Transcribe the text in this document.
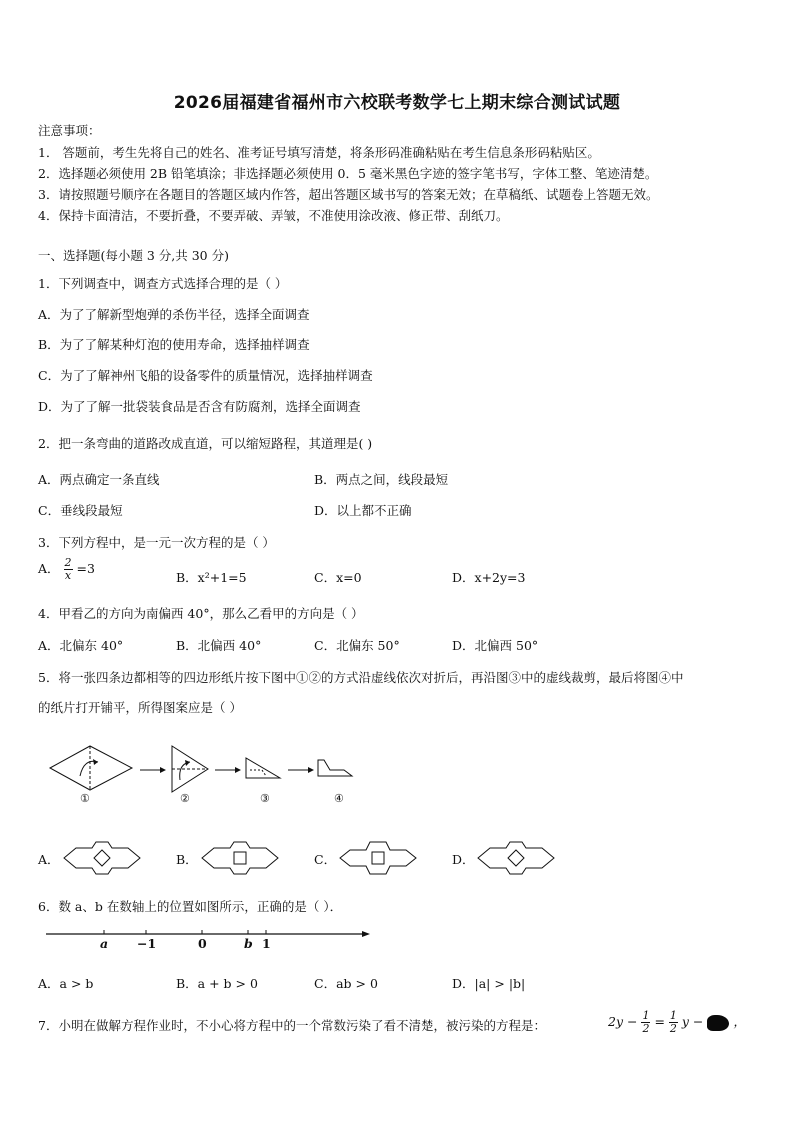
2026届福建省福州市六校联考数学七上期末综合测试试题
注意事项：
1． 答题前，考生先将自己的姓名、准考证号填写清楚，将条形码准确粘贴在考生信息条形码粘贴区。
2．选择题必须使用 2B 铅笔填涂；非选择题必须使用 0．5 毫米黑色字迹的签字笔书写，字体工整、笔迹清楚。
3．请按照题号顺序在各题目的答题区域内作答，超出答题区域书写的答案无效；在草稿纸、试题卷上答题无效。
4．保持卡面清洁，不要折叠，不要弄破、弄皱，不准使用涂改液、修正带、刮纸刀。
一、选择题(每小题 3 分,共 30 分)
1．下列调查中，调查方式选择合理的是（ ）
A．为了了解新型炮弹的杀伤半径，选择全面调查
B．为了了解某种灯泡的使用寿命，选择抽样调查
C．为了了解神州飞船的设备零件的质量情况，选择抽样调查
D．为了了解一批袋装食品是否含有防腐剂，选择全面调查
2．把一条弯曲的道路改成直道，可以缩短路程，其道理是( )
A．两点确定一条直线	B．两点之间，线段最短
C．垂线段最短	D．以上都不正确
3．下列方程中，是一元一次方程的是（ ）
A． $\frac{2}{x} =3$
B．x²+1=5	C．x=0	D．x+2y=3
4．甲看乙的方向为南偏西 40°，那么乙看甲的方向是（ ）
A．北偏东 40°	B．北偏西 40°	C．北偏东 50°	D．北偏西 50°
5．将一张四条边都相等的四边形纸片按下图中①②的方式沿虚线依次对折后，再沿图③中的虚线裁剪，最后将图④中
的纸片打开铺平，所得图案应是（ ）
①	②	③	④
A．	B．	C．	D．
6．数 a、b 在数轴上的位置如图所示，正确的是（ ）．
a −1	0	b 1
A．a > b	B．a + b > 0	C．ab > 0	D．|a| > |b|
7．小明在做解方程作业时，不小心将方程中的一个常数污染了看不清楚，被污染的方程是：	$2y - \frac{1}{2} = \frac{1}{2}$ y − ，
